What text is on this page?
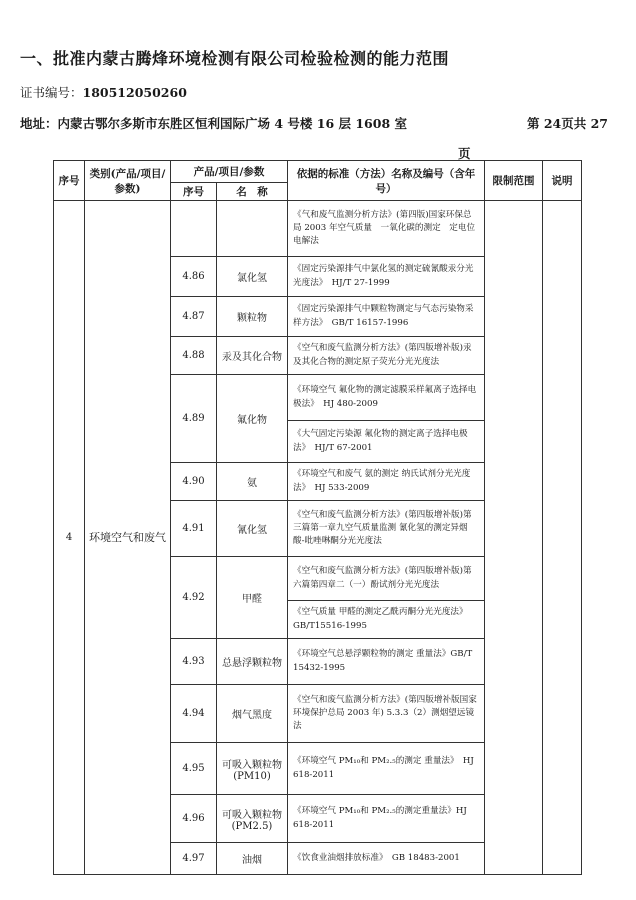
一、批准内蒙古腾烽环境检测有限公司检验检测的能力范围
证书编号：180512050260
地址：内蒙古鄂尔多斯市东胜区恒利国际广场 4 号楼 16 层 1608 室	第 24页共 27
页
序号	类别(产品/项目/参数)	产品/项目/参数		依据的标准（方法）名称及编号（含年号）	限制范围	说明
		序号	名　称			
4	环境空气和废气			《气和废气监测分析方法》(第四版)国家环保总局 2003 年空气质量　一氧化碳的测定　定电位电解法		
		4.86	氯化氢	《固定污染源排气中氯化氢的测定硫氰酸汞分光光度法》　HJ/T 27-1999		
		4.87	颗粒物	《固定污染源排气中颗粒物测定与气态污染物采样方法》　GB/T 16157-1996		
		4.88	汞及其化合物	《空气和废气监测分析方法》(第四版增补版)汞及其化合物的测定原子荧光分光光度法		
		4.89	氟化物	《环境空气 氟化物的测定滤膜采样氟离子选择电极法》　HJ 480-2009		
				《大气固定污染源 氟化物的测定离子选择电极法》　HJ/T 67-2001		
		4.90	氨	《环境空气和废气 氨的测定 纳氏试剂分光光度法》　HJ 533-2009		
		4.91	氰化氢	《空气和废气监测分析方法》(第四版增补版)第三篇第一章九空气质量监测 氰化氢的测定异烟酸-吡唑啉酮分光光度法		
		4.92	甲醛	《空气和废气监测分析方法》(第四版增补版)第六篇第四章二（一）酚试剂分光光度法		
				《空气质量 甲醛的测定乙酰丙酮分光光度法》　GB/T15516-1995		
		4.93	总悬浮颗粒物	《环境空气总悬浮颗粒物的测定 重量法》GB/T 15432-1995		
		4.94	烟气黑度	《空气和废气监测分析方法》(第四版增补版国家环境保护总局 2003 年) 5.3.3（2）测烟望远镜法		
		4.95	可吸入颗粒物(PM10)	《环境空气 PM₁₀和 PM₂.₅的测定 重量法》　HJ 618-2011		
		4.96	可吸入颗粒物(PM2.5)	《环境空气 PM₁₀和 PM₂.₅的测定重量法》HJ 618-2011		
		4.97	油烟	《饮食业油烟排放标准》　GB 18483-2001		
